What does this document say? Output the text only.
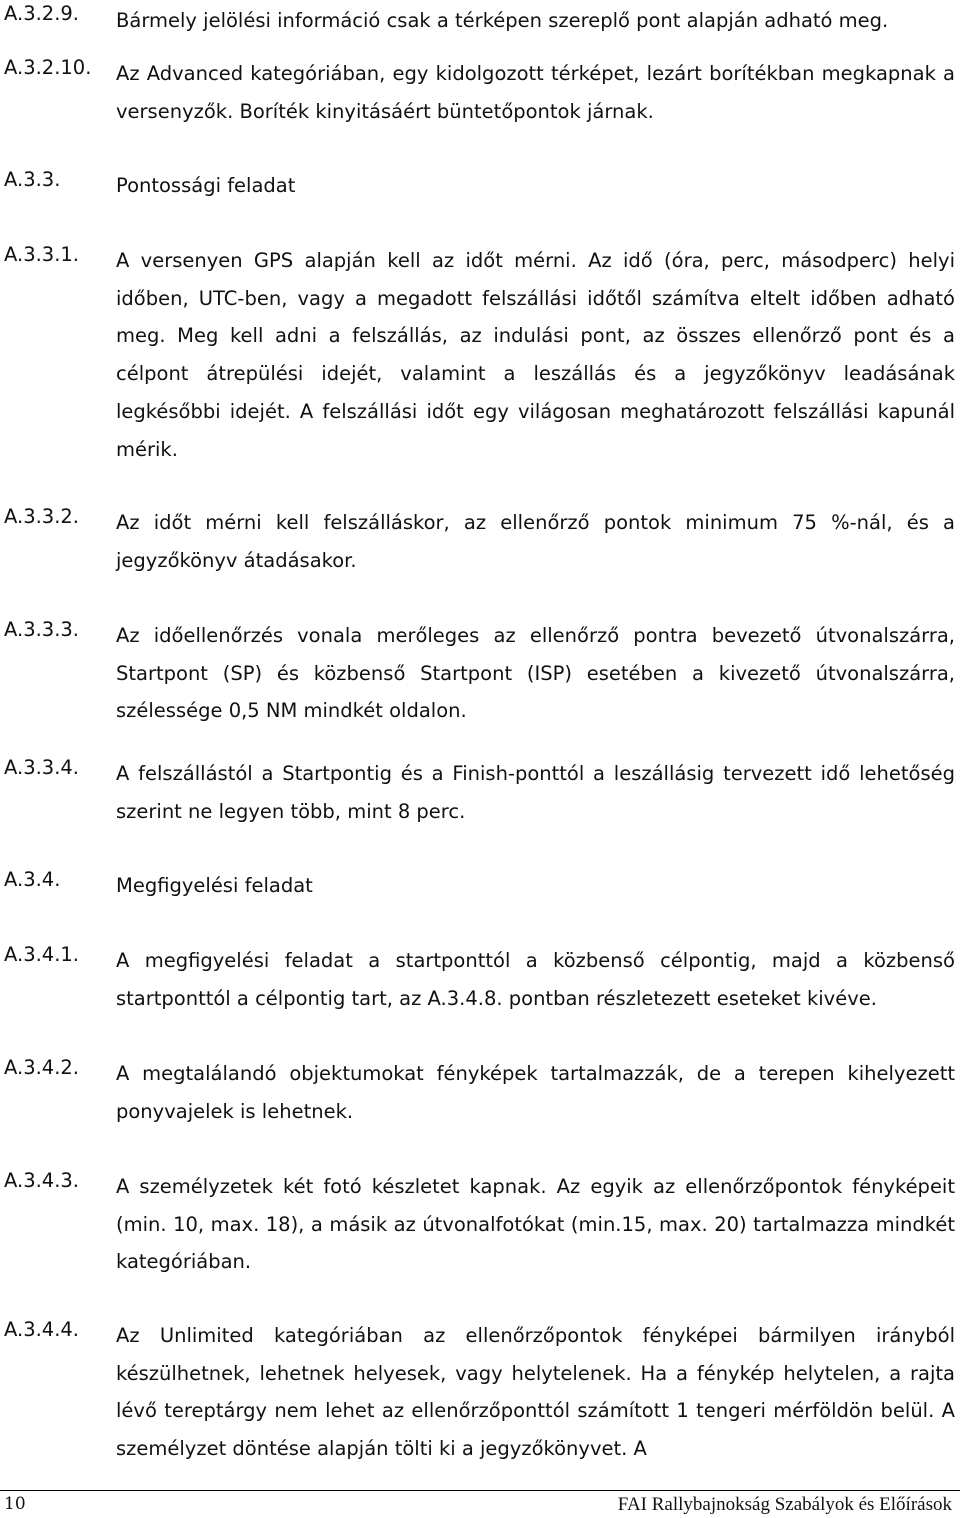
A.3.2.9. Bármely jelölési információ csak a térképen szereplő pont alapján adható meg.
A.3.2.10. Az Advanced kategóriában, egy kidolgozott térképet, lezárt borítékban megkapnak a versenyzők. Boríték kinyitásáért büntetőpontok járnak.
A.3.3.	Pontossági feladat
A.3.3.1. A versenyen GPS alapján kell az időt mérni. Az idő (óra, perc, másodperc) helyi időben, UTC-ben, vagy a megadott felszállási időtől számítva eltelt időben adható meg. Meg kell adni a felszállás, az indulási pont, az összes ellenőrző pont és a célpont átrepülési idejét, valamint a leszállás és a jegyzőkönyv leadásának legkésőbbi idejét. A felszállási időt egy világosan meghatározott felszállási kapunál mérik.
A.3.3.2. Az időt mérni kell felszálláskor, az ellenőrző pontok minimum 75 %-nál, és a jegyzőkönyv átadásakor.
A.3.3.3. Az időellenőrzés vonala merőleges az ellenőrző pontra bevezető útvonalszárra, Startpont (SP) és közbenső Startpont (ISP) esetében a kivezető útvonalszárra, szélessége 0,5 NM mindkét oldalon.
A.3.3.4. A felszállástól a Startpontig és a Finish-ponttól a leszállásig tervezett idő lehetőség szerint ne legyen több, mint 8 perc.
A.3.4.	Megfigyelési feladat
A.3.4.1. A megfigyelési feladat a startponttól a közbenső célpontig, majd a közbenső startponttól a célpontig tart, az A.3.4.8. pontban részletezett eseteket kivéve.
A.3.4.2. A megtalálandó objektumokat fényképek tartalmazzák, de a terepen kihelyezett ponyvajelek is lehetnek.
A.3.4.3. A személyzetek két fotó készletet kapnak. Az egyik az ellenőrzőpontok fényképeit (min. 10, max. 18), a másik az útvonalfotókat (min.15, max. 20) tartalmazza mindkét kategóriában.
A.3.4.4. Az Unlimited kategóriában az ellenőrzőpontok fényképei bármilyen irányból készülhetnek, lehetnek helyesek, vagy helytelenek. Ha a fénykép helytelen, a rajta lévő tereptárgy nem lehet az ellenőrzőponttól számított 1 tengeri mérföldön belül. A személyzet döntése alapján tölti ki a jegyzőkönyvet. A
10	FAI Rallybajnokság Szabályok és Előírások
